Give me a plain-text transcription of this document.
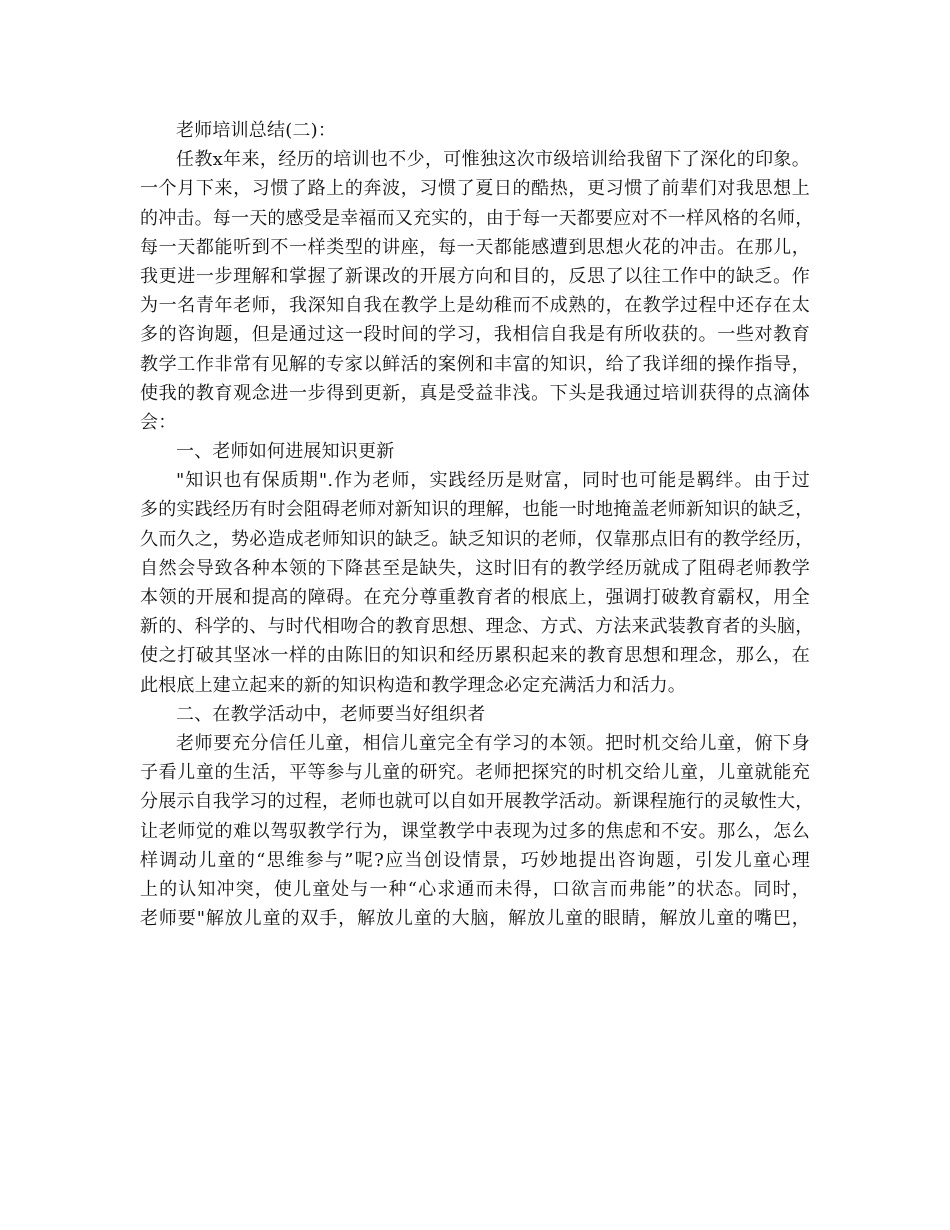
老师培训总结(二)：
任教x年来，经历的培训也不少，可惟独这次市级培训给我留下了深化的印象。
一个月下来，习惯了路上的奔波，习惯了夏日的酷热，更习惯了前辈们对我思想上
的冲击。每一天的感受是幸福而又充实的，由于每一天都要应对不一样风格的名师，
每一天都能听到不一样类型的讲座，每一天都能感遭到思想火花的冲击。在那儿，
我更进一步理解和掌握了新课改的开展方向和目的，反思了以往工作中的缺乏。作
为一名青年老师，我深知自我在教学上是幼稚而不成熟的，在教学过程中还存在太
多的咨询题，但是通过这一段时间的学习，我相信自我是有所收获的。一些对教育
教学工作非常有见解的专家以鲜活的案例和丰富的知识，给了我详细的操作指导，
使我的教育观念进一步得到更新，真是受益非浅。下头是我通过培训获得的点滴体
会：
一、老师如何进展知识更新
"知识也有保质期".作为老师，实践经历是财富，同时也可能是羁绊。由于过
多的实践经历有时会阻碍老师对新知识的理解，也能一时地掩盖老师新知识的缺乏，
久而久之，势必造成老师知识的缺乏。缺乏知识的老师，仅靠那点旧有的教学经历，
自然会导致各种本领的下降甚至是缺失，这时旧有的教学经历就成了阻碍老师教学
本领的开展和提高的障碍。在充分尊重教育者的根底上，强调打破教育霸权，用全
新的、科学的、与时代相吻合的教育思想、理念、方式、方法来武装教育者的头脑，
使之打破其坚冰一样的由陈旧的知识和经历累积起来的教育思想和理念，那么，在
此根底上建立起来的新的知识构造和教学理念必定充满活力和活力。
二、在教学活动中，老师要当好组织者
老师要充分信任儿童，相信儿童完全有学习的本领。把时机交给儿童，俯下身
子看儿童的生活，平等参与儿童的研究。老师把探究的时机交给儿童，儿童就能充
分展示自我学习的过程，老师也就可以自如开展教学活动。新课程施行的灵敏性大，
让老师觉的难以驾驭教学行为，课堂教学中表现为过多的焦虑和不安。那么，怎么
样调动儿童的“思维参与”呢?应当创设情景，巧妙地提出咨询题，引发儿童心理
上的认知冲突，使儿童处与一种“心求通而未得，口欲言而弗能”的状态。同时，
老师要"解放儿童的双手，解放儿童的大脑，解放儿童的眼睛，解放儿童的嘴巴，
